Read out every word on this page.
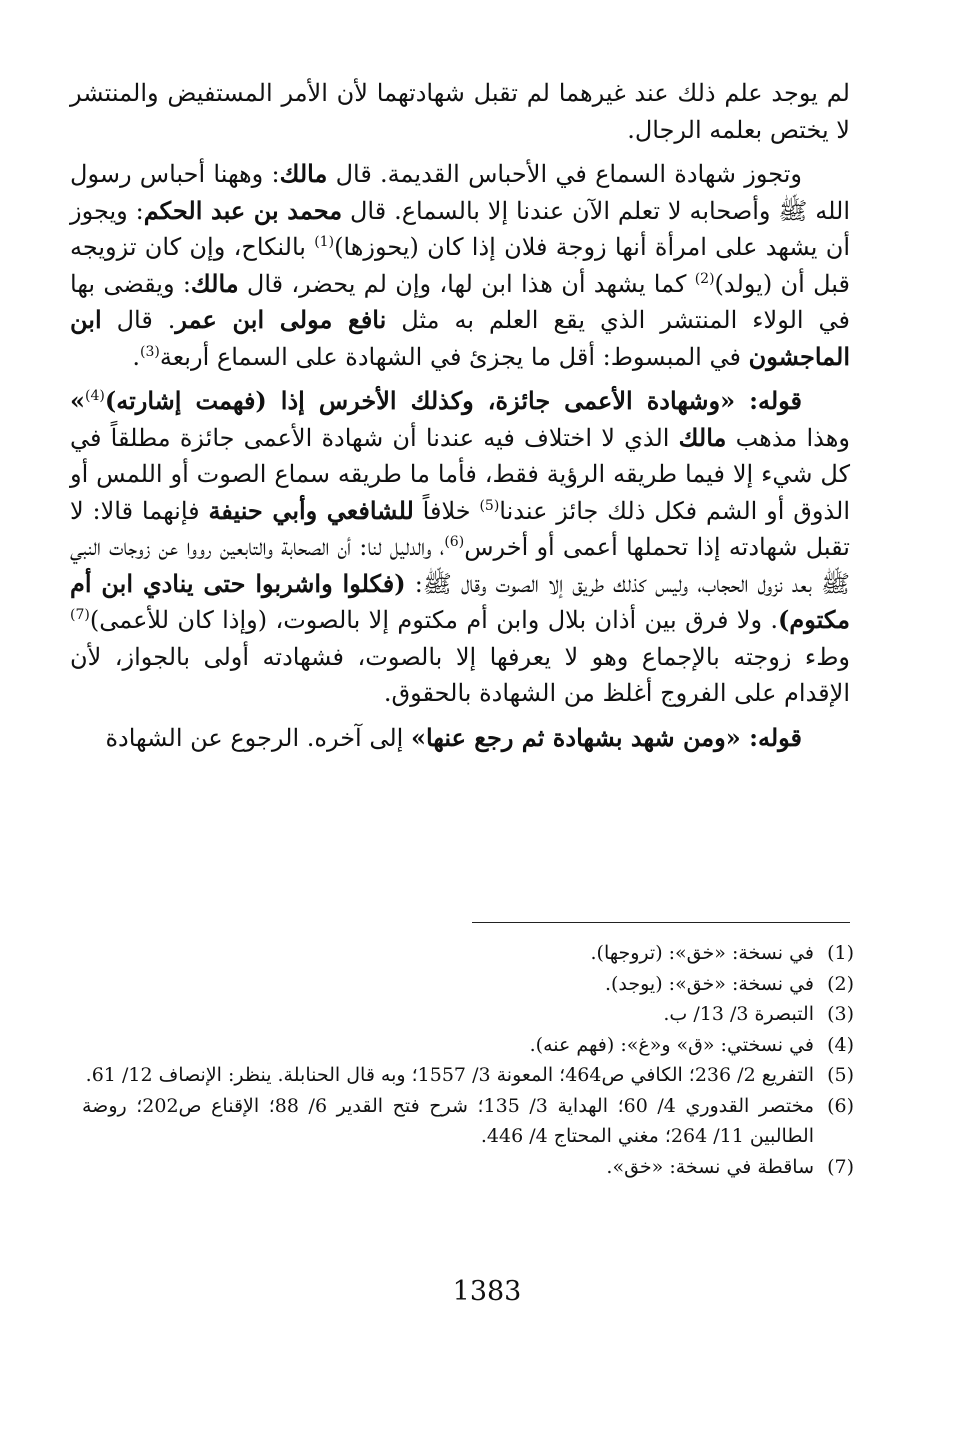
لم يوجد علم ذلك عند غيرهما لم تقبل شهادتهما لأن الأمر المستفيض والمنتشر لا يختص بعلمه الرجال.

وتجوز شهادة السماع في الأحباس القديمة. قال مالك: وههنا أحباس رسول الله ﷺ وأصحابه لا تعلم الآن عندنا إلا بالسماع. قال محمد بن عبد الحكم: ويجوز أن يشهد على امرأة أنها زوجة فلان إذا كان (يحوزها)$^{(1)}$ بالنكاح، وإن كان تزويجه قبل أن (يولد)$^{(2)}$ كما يشهد أن هذا ابن لها، وإن لم يحضر، قال مالك: ويقضى بها في الولاء المنتشر الذي يقع العلم به مثل نافع مولى ابن عمر. قال ابن الماجشون في المبسوط: أقل ما يجزئ في الشهادة على السماع أربعة$^{(3)}$.

قوله: «وشهادة الأعمى جائزة، وكذلك الأخرس إذا (فهمت إشارته)$^{(4)}$» وهذا مذهب مالك الذي لا اختلاف فيه عندنا أن شهادة الأعمى جائزة مطلقاً في كل شيء إلا فيما طريقه الرؤية فقط، فأما ما طريقه سماع الصوت أو اللمس أو الذوق أو الشم فكل ذلك جائز عندنا$^{(5)}$ خلافاً للشافعي وأبي حنيفة فإنهما قالا: لا تقبل شهادته إذا تحملها أعمى أو أخرس$^{(6)}$، والدليل لنا: أن الصحابة والتابعين رووا عن زوجات النبي ﷺ بعد نزول الحجاب، وليس كذلك طريق إلا الصوت وقال ﷺ: (فكلوا واشربوا حتى ينادي ابن أم مكتوم). ولا فرق بين أذان بلال وابن أم مكتوم إلا بالصوت، (وإذا كان للأعمى)$^{(7)}$ وطء زوجته بالإجماع وهو لا يعرفها إلا بالصوت، فشهادته أولى بالجواز، لأن الإقدام على الفروج أغلظ من الشهادة بالحقوق.

قوله: «ومن شهد بشهادة ثم رجع عنها» إلى آخره. الرجوع عن الشهادة

(1)
في نسخة: «خق»: (تروجها).
(2)
في نسخة: «خق»: (يوجد).
(3)
التبصرة 3/ 13/ ب.
(4)
في نسختي: «ق» و«غ»: (فهم عنه).
(5)
التفريع 2/ 236؛ الكافي ص464؛ المعونة 3/ 1557؛ وبه قال الحنابلة. ينظر: الإنصاف 12/ 61.
(6)
مختصر القدوري 4/ 60؛ الهداية 3/ 135؛ شرح فتح القدير 6/ 88؛ الإقناع ص202؛ روضة الطالبين 11/ 264؛ مغني المحتاج 4/ 446.
(7)
ساقطة في نسخة: «خق».
1383
